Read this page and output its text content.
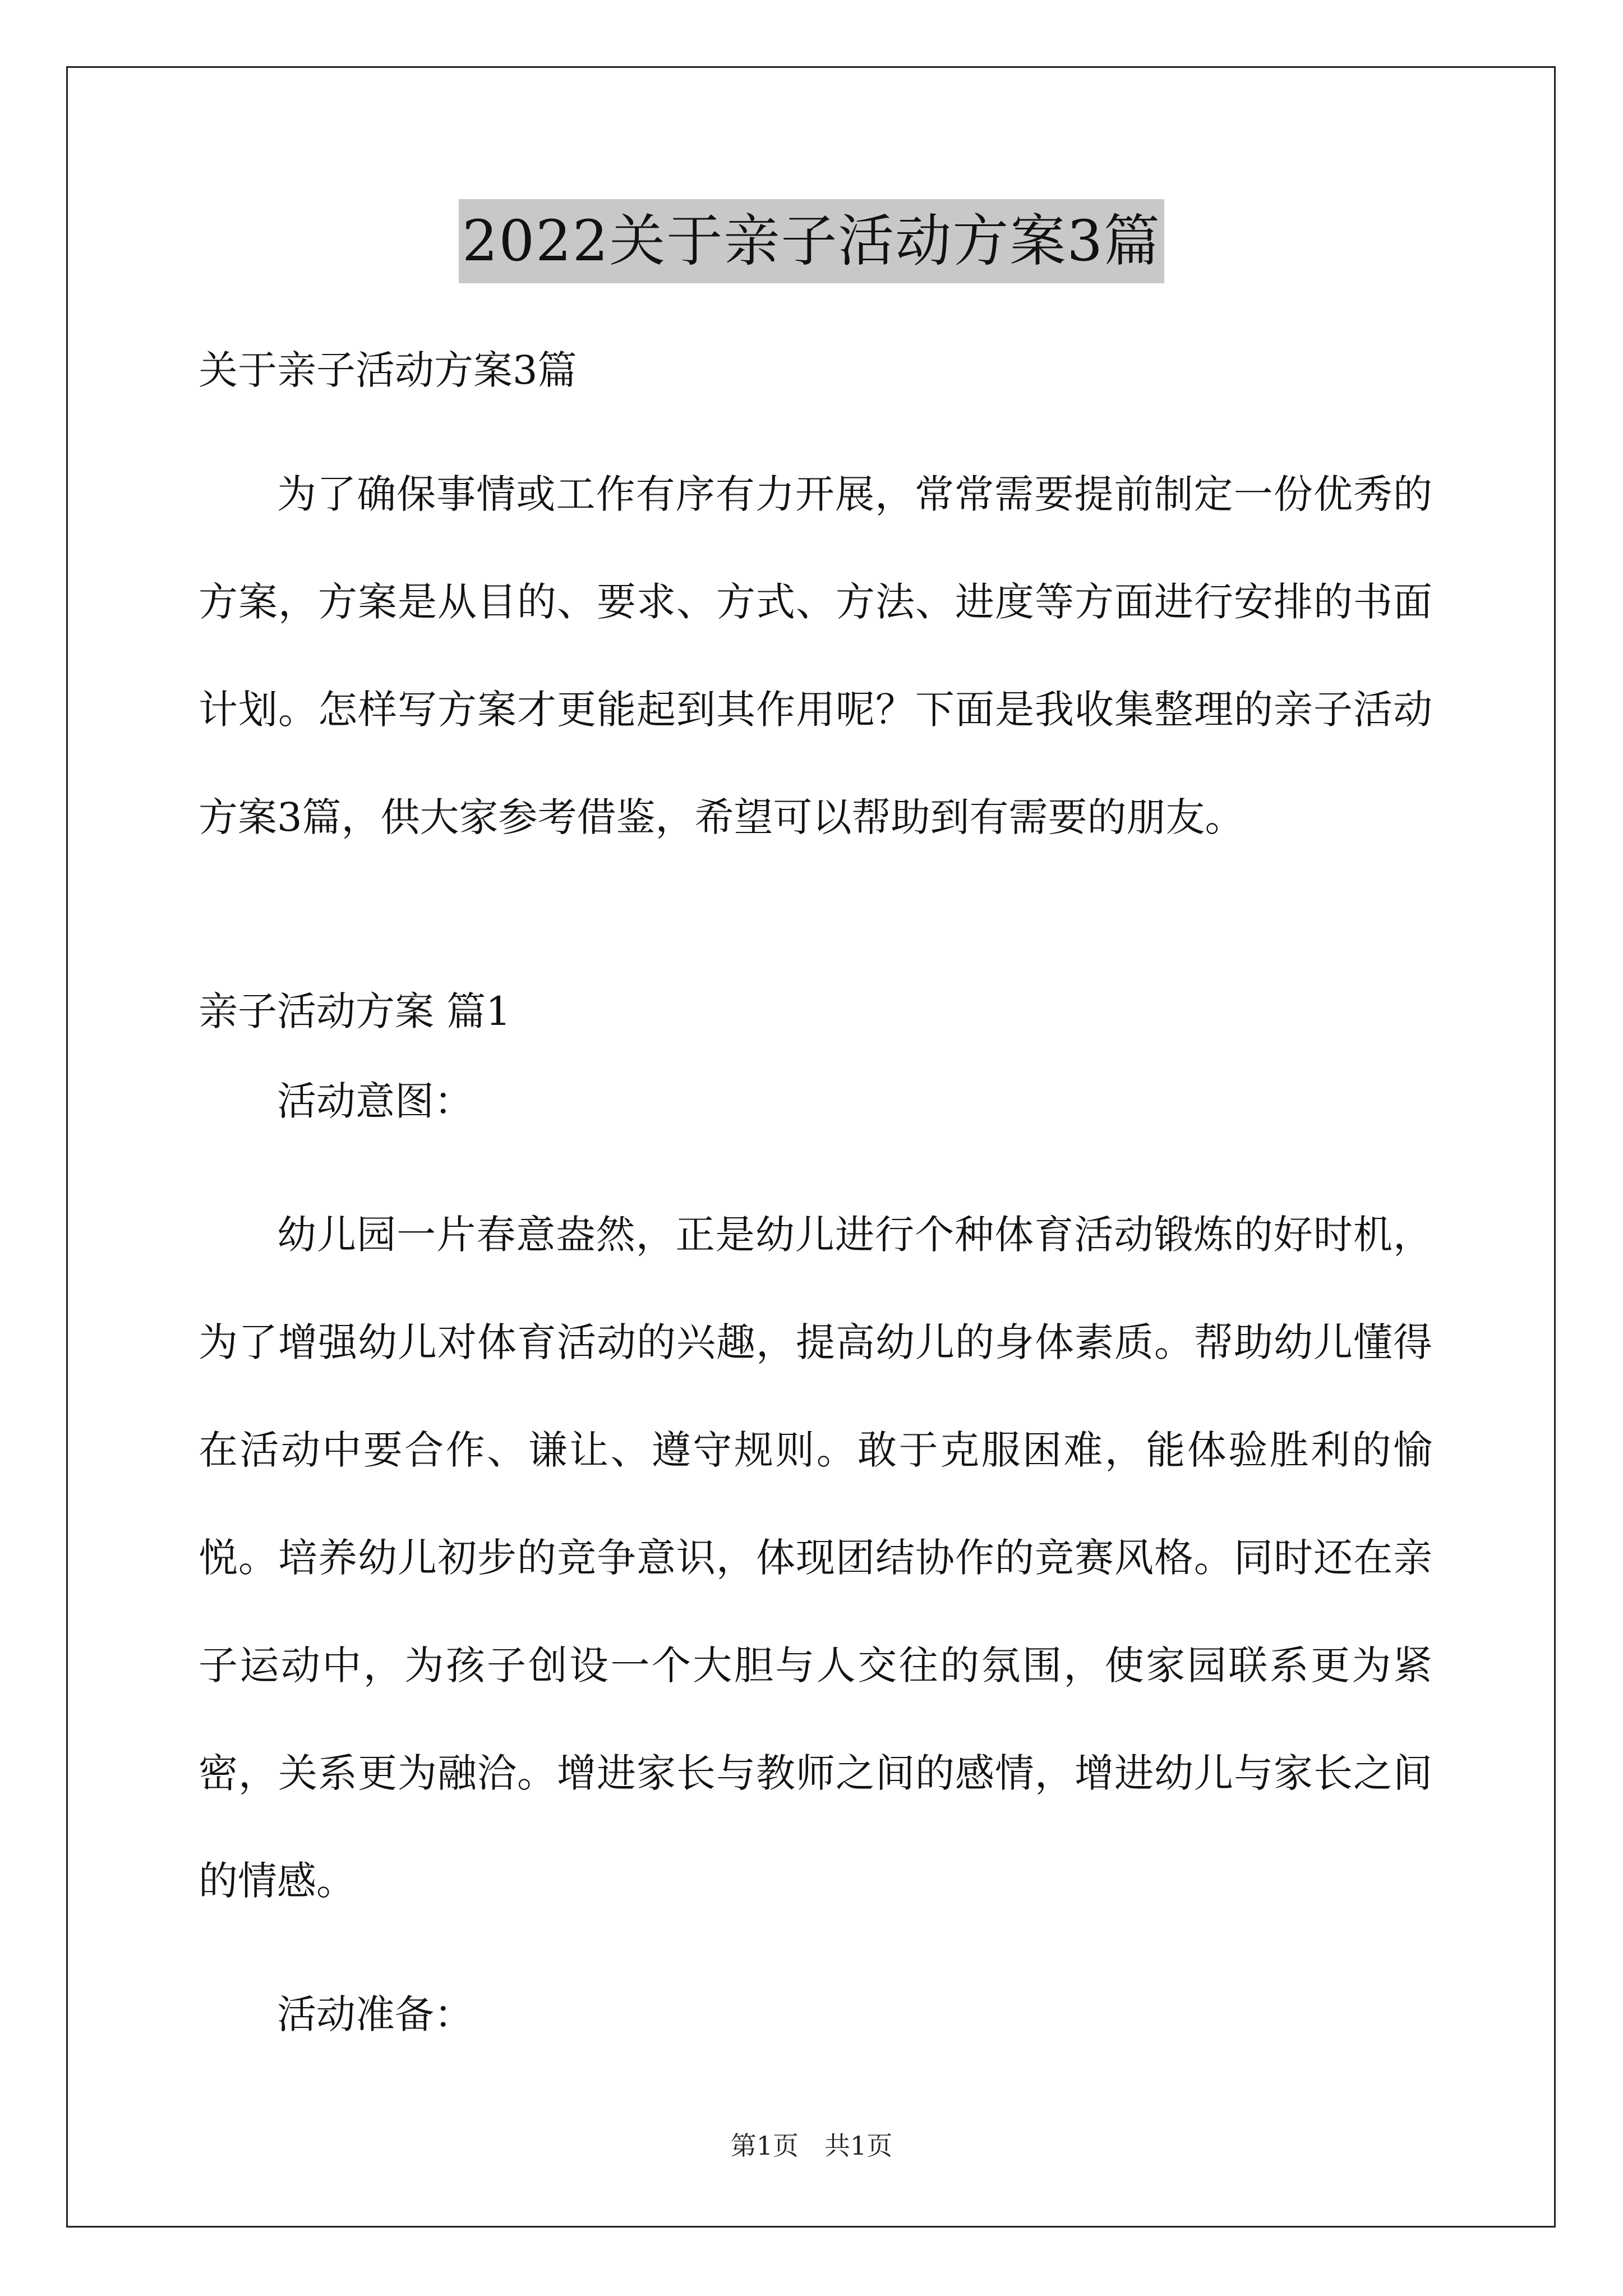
2022关于亲子活动方案3篇
关于亲子活动方案3篇

为了确保事情或工作有序有力开展，常常需要提前制定一份优秀的方案，方案是从目的、要求、方式、方法、进度等方面进行安排的书面计划。怎样写方案才更能起到其作用呢？下面是我收集整理的亲子活动方案3篇，供大家参考借鉴，希望可以帮助到有需要的朋友。

亲子活动方案 篇1
活动意图：

幼儿园一片春意盎然，正是幼儿进行个种体育活动锻炼的好时机，为了增强幼儿对体育活动的兴趣，提高幼儿的身体素质。帮助幼儿懂得在活动中要合作、谦让、遵守规则。敢于克服困难，能体验胜利的愉悦。培养幼儿初步的竞争意识，体现团结协作的竞赛风格。同时还在亲子运动中，为孩子创设一个大胆与人交往的氛围，使家园联系更为紧密，关系更为融洽。增进家长与教师之间的感情，增进幼儿与家长之间的情感。

活动准备：
第1页　共1页
